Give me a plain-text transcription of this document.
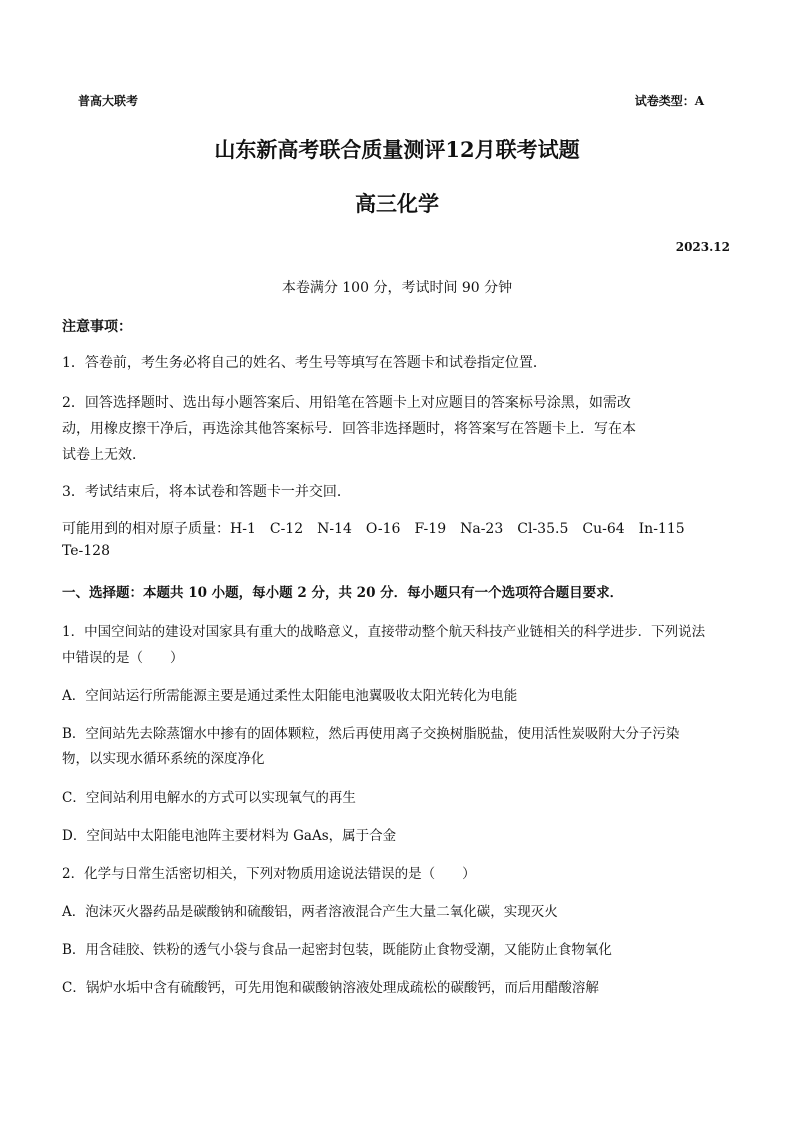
普高大联考	试卷类型：A
山东新高考联合质量测评12月联考试题
高三化学
2023.12
本卷满分 100 分，考试时间 90 分钟
注意事项：
1．答卷前，考生务必将自己的姓名、考生号等填写在答题卡和试卷指定位置．
2．回答选择题时、选出每小题答案后、用铅笔在答题卡上对应题目的答案标号涂黑，如需改
动，用橡皮擦干净后，再选涂其他答案标号．回答非选择题时，将答案写在答题卡上．写在本
试卷上无效．
3．考试结束后，将本试卷和答题卡一并交回．
可能用到的相对原子质量：H-1 C-12 N-14 O-16 F-19 Na-23 Cl-35.5 Cu-64 In-115
Te-128
一、选择题：本题共 10 小题，每小题 2 分，共 20 分．每小题只有一个选项符合题目要求．
1．中国空间站的建设对国家具有重大的战略意义，直接带动整个航天科技产业链相关的科学进步．下列说法
中错误的是（　　）
A．空间站运行所需能源主要是通过柔性太阳能电池翼吸收太阳光转化为电能
B．空间站先去除蒸馏水中掺有的固体颗粒，然后再使用离子交换树脂脱盐，使用活性炭吸附大分子污染
物，以实现水循环系统的深度净化
C．空间站利用电解水的方式可以实现氧气的再生
D．空间站中太阳能电池阵主要材料为 GaAs，属于合金
2．化学与日常生活密切相关，下列对物质用途说法错误的是（　　）
A．泡沫灭火器药品是碳酸钠和硫酸铝，两者溶液混合产生大量二氧化碳，实现灭火
B．用含硅胶、铁粉的透气小袋与食品一起密封包装，既能防止食物受潮，又能防止食物氧化
C．锅炉水垢中含有硫酸钙，可先用饱和碳酸钠溶液处理成疏松的碳酸钙，而后用醋酸溶解
